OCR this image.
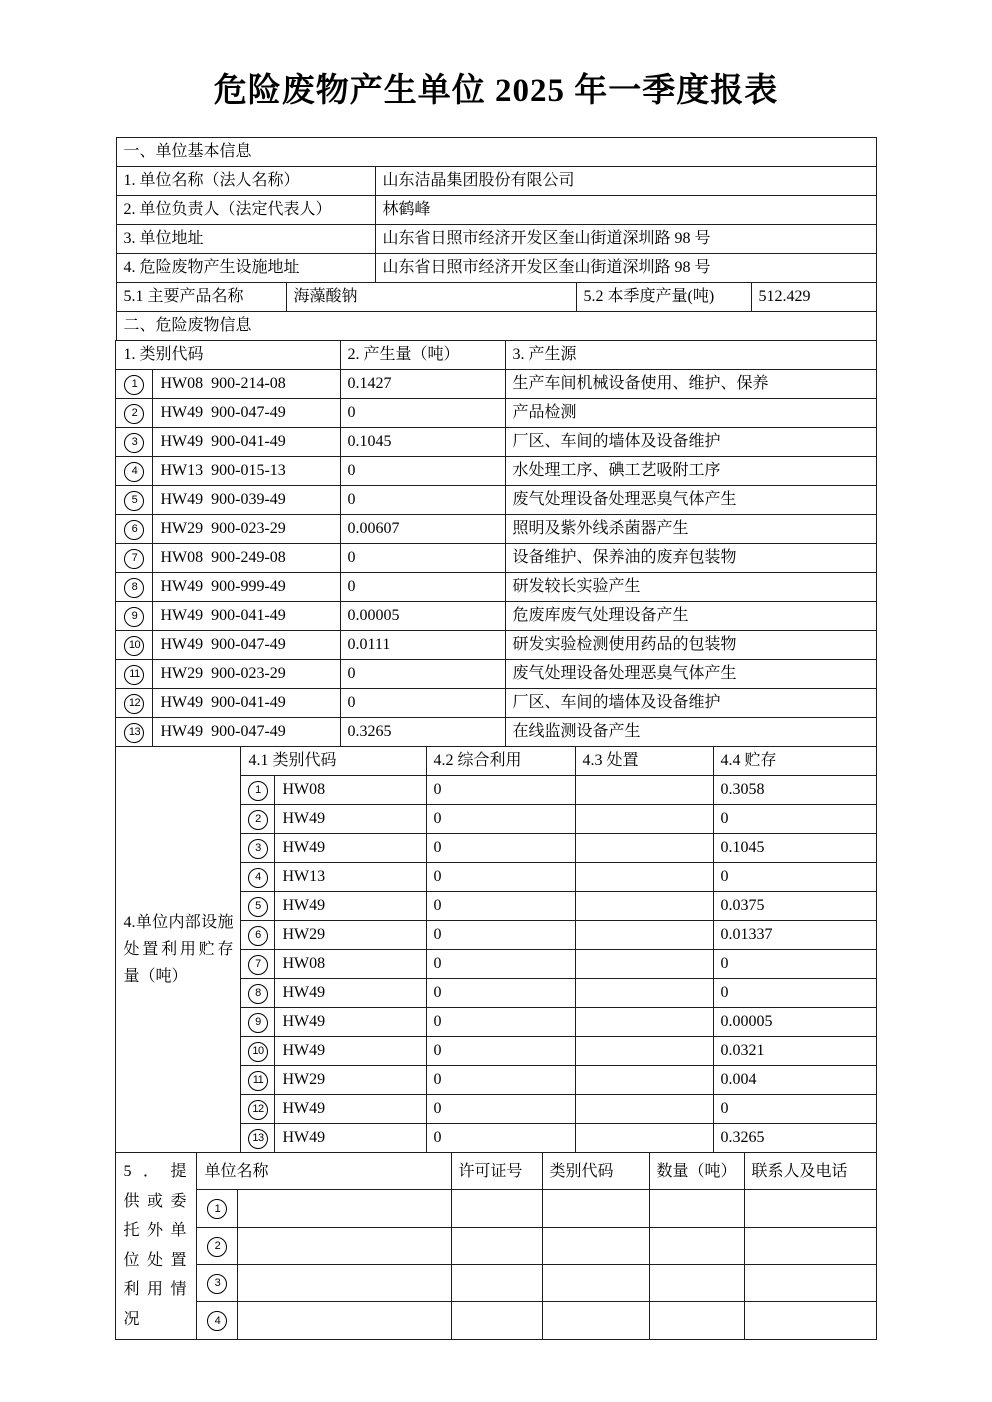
危险废物产生单位 2025 年一季度报表
一、单位基本信息
1. 单位名称（法人名称）	山东洁晶集团股份有限公司
2. 单位负责人（法定代表人）	林鹤峰
3. 单位地址	山东省日照市经济开发区奎山街道深圳路 98 号
4. 危险废物产生设施地址	山东省日照市经济开发区奎山街道深圳路 98 号
5.1 主要产品名称	海藻酸钠	5.2 本季度产量(吨)	512.429
二、危险废物信息
1. 类别代码		2. 产生量（吨）	3. 产生源
1	HW08  900-214-08	0.1427	生产车间机械设备使用、维护、保养
2	HW49  900-047-49	0	产品检测
3	HW49  900-041-49	0.1045	厂区、车间的墙体及设备维护
4	HW13  900-015-13	0	水处理工序、碘工艺吸附工序
5	HW49  900-039-49	0	废气处理设备处理恶臭气体产生
6	HW29  900-023-29	0.00607	照明及紫外线杀菌器产生
7	HW08  900-249-08	0	设备维护、保养油的废弃包装物
8	HW49  900-999-49	0	研发较长实验产生
9	HW49  900-041-49	0.00005	危废库废气处理设备产生
10	HW49  900-047-49	0.0111	研发实验检测使用药品的包装物
11	HW29  900-023-29	0	废气处理设备处理恶臭气体产生
12	HW49  900-041-49	0	厂区、车间的墙体及设备维护
13	HW49  900-047-49	0.3265	在线监测设备产生
4.单位内部设施处置利用贮存量（吨）	4.1 类别代码		4.2 综合利用	4.3 处置	4.4 贮存
	1	HW08	0		0.3058
	2	HW49	0		0
	3	HW49	0		0.1045
	4	HW13	0		0
	5	HW49	0		0.0375
	6	HW29	0		0.01337
	7	HW08	0		0
	8	HW49	0		0
	9	HW49	0		0.00005
	10	HW49	0		0.0321
	11	HW29	0		0.004
	12	HW49	0		0
	13	HW49	0		0.3265
5．提供或委托外单位处置利用情况	单位名称		许可证号	类别代码	数量（吨）	联系人及电话
	1					
	2					
	3					
	4					
